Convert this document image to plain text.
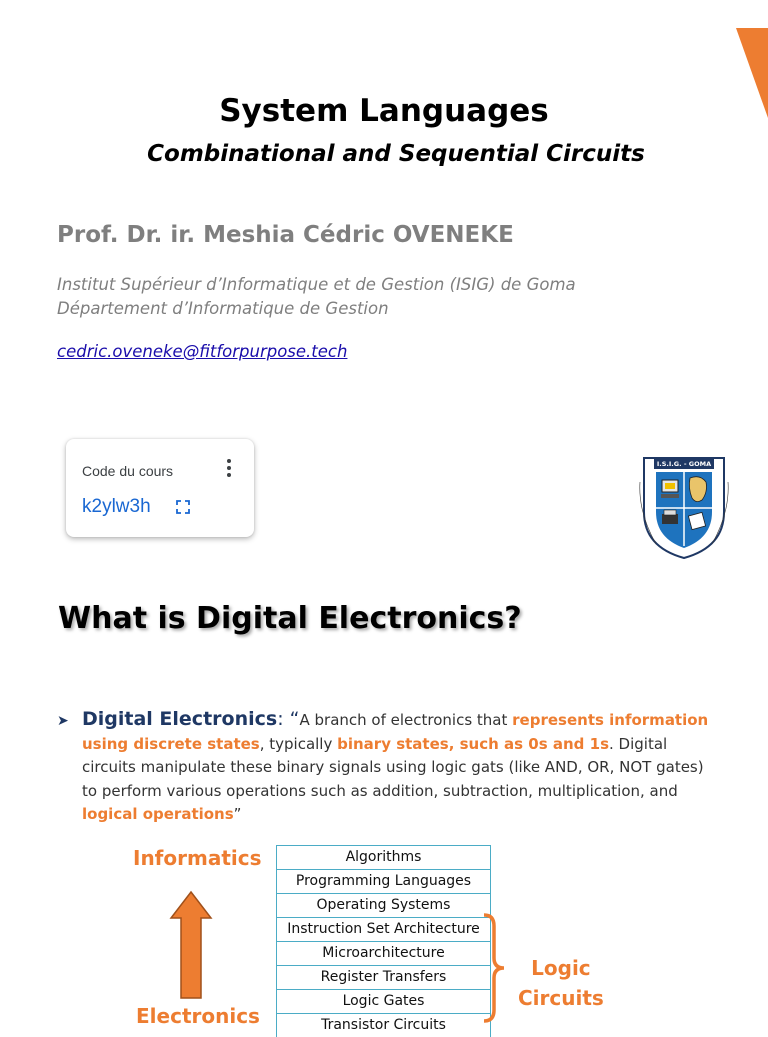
System Languages
Combinational and Sequential Circuits
Prof. Dr. ir. Meshia Cédric OVENEKE
Institut Supérieur d’Informatique et de Gestion (ISIG) de Goma
Département d’Informatique de Gestion
cedric.oveneke@fitforpurpose.tech
Code du cours
k2ylw3h
I.S.I.G. - GOMA
What is Digital Electronics?
➤ Digital Electronics: “A branch of electronics that represents information using discrete states, typically binary states, such as 0s and 1s. Digital circuits manipulate these binary signals using logic gats (like AND, OR, NOT gates) to perform various operations such as addition, subtraction, multiplication, and logical operations”
Informatics
Electronics
Algorithms
Programming Languages
Operating Systems
Instruction Set Architecture
Microarchitecture
Register Transfers
Logic Gates
Transistor Circuits
Logic
Circuits
